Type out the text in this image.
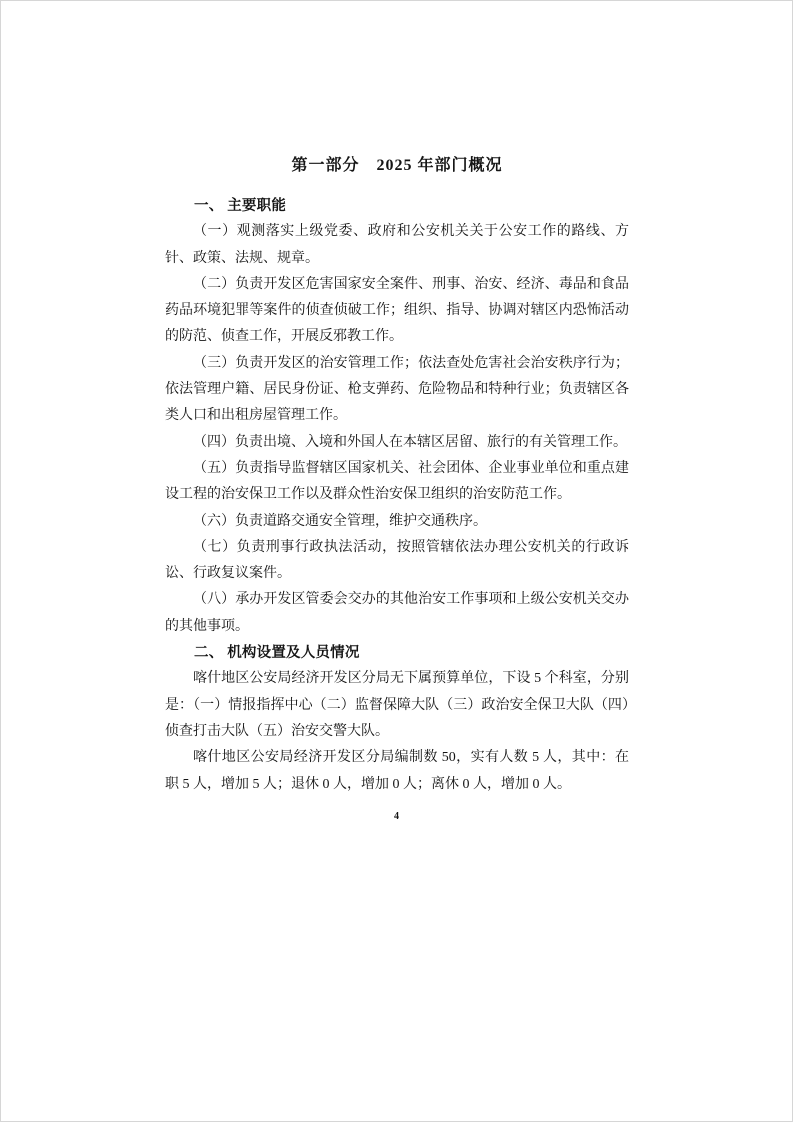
第一部分　2025 年部门概况
一、 主要职能

（一）观测落实上级党委、政府和公安机关关于公安工作的路线、方针、政策、法规、规章。

（二）负责开发区危害国家安全案件、刑事、治安、经济、毒品和食品药品环境犯罪等案件的侦查侦破工作；组织、指导、协调对辖区内恐怖活动的防范、侦查工作，开展反邪教工作。

（三）负责开发区的治安管理工作；依法查处危害社会治安秩序行为；依法管理户籍、居民身份证、枪支弹药、危险物品和特种行业；负责辖区各类人口和出租房屋管理工作。

（四）负责出境、入境和外国人在本辖区居留、旅行的有关管理工作。

（五）负责指导监督辖区国家机关、社会团体、企业事业单位和重点建设工程的治安保卫工作以及群众性治安保卫组织的治安防范工作。

（六）负责道路交通安全管理，维护交通秩序。

（七）负责刑事行政执法活动，按照管辖依法办理公安机关的行政诉讼、行政复议案件。

（八）承办开发区管委会交办的其他治安工作事项和上级公安机关交办的其他事项。

二、 机构设置及人员情况

喀什地区公安局经济开发区分局无下属预算单位，下设 5 个科室，分别是：（一）情报指挥中心（二）监督保障大队（三）政治安全保卫大队（四）侦查打击大队（五）治安交警大队。

喀什地区公安局经济开发区分局编制数 50，实有人数 5 人，其中：在职 5 人，增加 5 人；退休 0 人，增加 0 人；离休 0 人，增加 0 人。

4
